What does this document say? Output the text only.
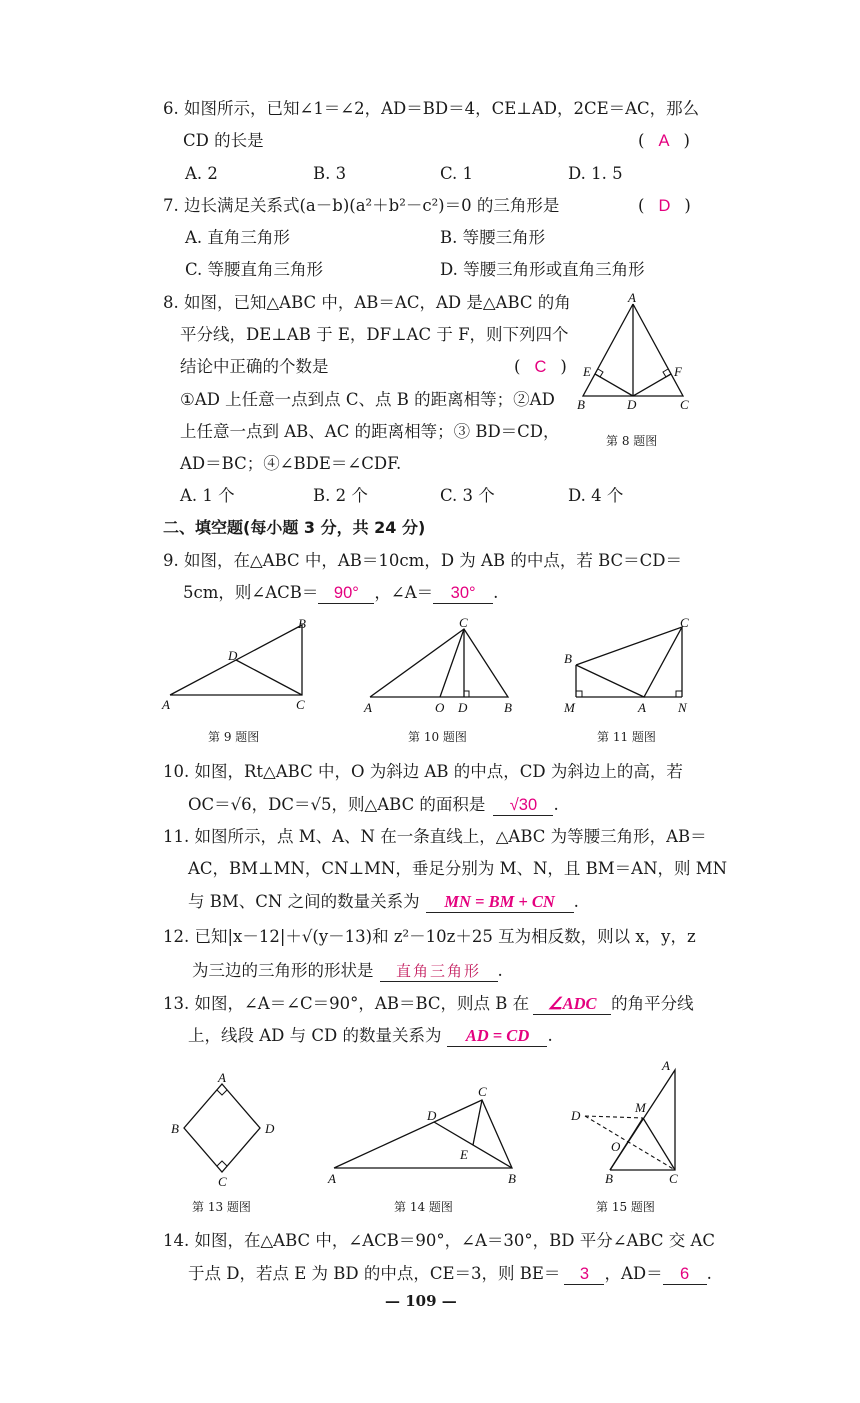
6. 如图所示，已知∠1＝∠2，AD＝BD＝4，CE⊥AD，2CE＝AC，那么
CD 的长是	( A )
A. 2	B. 3	C. 1	D. 1. 5
7. 边长满足关系式(a－b)(a²＋b²－c²)＝0 的三角形是	( D )
A. 直角三角形	B. 等腰三角形
C. 等腰直角三角形	D. 等腰三角形或直角三角形
8. 如图，已知△ABC 中，AB＝AC，AD 是△ABC 的角
平分线，DE⊥AB 于 E，DF⊥AC 于 F，则下列四个
结论中正确的个数是	( C )
①AD 上任意一点到点 C、点 B 的距离相等；②AD
上任意一点到 AB、AC 的距离相等；③ BD＝CD，
AD＝BC；④∠BDE＝∠CDF.
A. 1 个	B. 2 个	C. 3 个	D. 4 个
A
E	F
B	D	C
第 8 题图
二、填空题(每小题 3 分，共 24 分)
9. 如图，在△ABC 中，AB＝10cm，D 为 AB 的中点，若 BC＝CD＝
5cm，则∠ACB＝ 90° ，∠A＝ 30° .
B
D
A	C
C
A	O D	B
C
B
M	A N
第 9 题图	第 10 题图	第 11 题图
10. 如图，Rt△ABC 中，O 为斜边 AB 的中点，CD 为斜边上的高，若
OC＝√6，DC＝√5，则△ABC 的面积是 √30 .
11. 如图所示，点 M、A、N 在一条直线上，△ABC 为等腰三角形，AB＝
AC，BM⊥MN，CN⊥MN，垂足分别为 M、N，且 BM＝AN，则 MN
与 BM、CN 之间的数量关系为 MN = BM + CN .
12. 已知|x－12|＋√(y－13)和 z²－10z＋25 互为相反数，则以 x，y，z
为三边的三角形的形状是 直角三角形 .
13. 如图，∠A＝∠C＝90°，AB＝BC，则点 B 在 ∠ADC 的角平分线
上，线段 AD 与 CD 的数量关系为 AD = CD .
A
B	D
C
C
D
E
A	B
A
D
M
O
B	C
第 13 题图	第 14 题图	第 15 题图
14. 如图，在△ABC 中，∠ACB＝90°，∠A＝30°，BD 平分∠ABC 交 AC
于点 D，若点 E 为 BD 的中点，CE＝3，则 BE＝ 3 ，AD＝ 6 .
— 109 —
